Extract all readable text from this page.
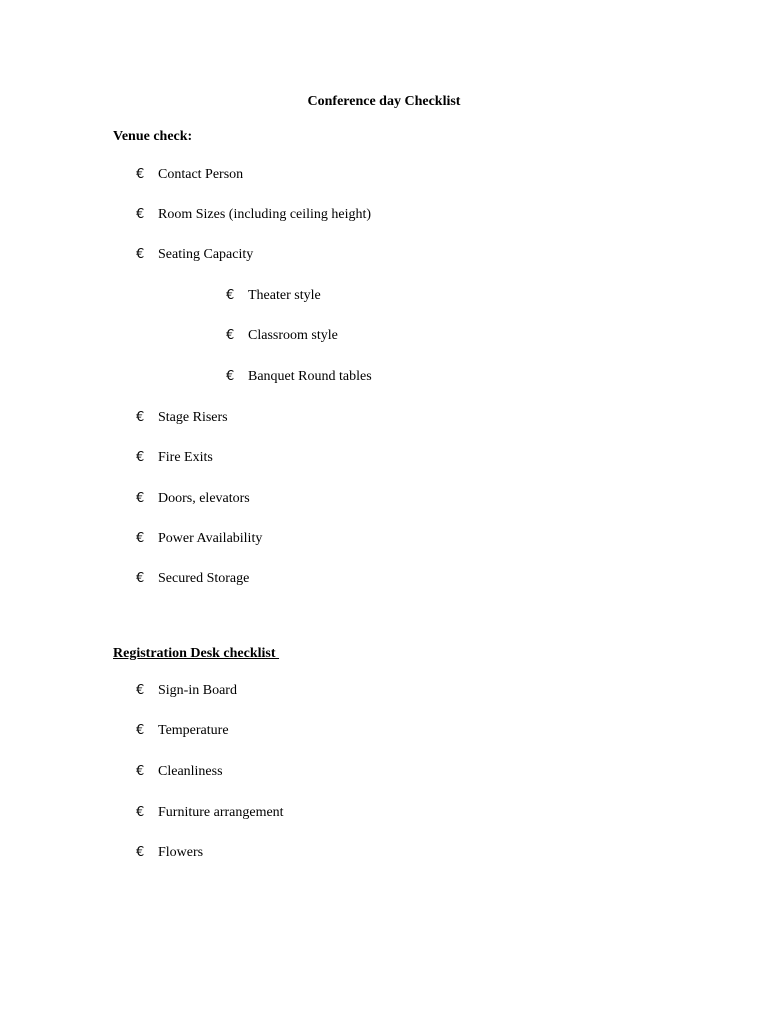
Conference day Checklist
Venue check:
€ Contact Person
€ Room Sizes (including ceiling height)
€ Seating Capacity
€ Theater style
€ Classroom style
€ Banquet Round tables
€ Stage Risers
€ Fire Exits
€ Doors, elevators
€ Power Availability
€ Secured Storage
Registration Desk checklist
€ Sign-in Board
€ Temperature
€ Cleanliness
€ Furniture arrangement
€ Flowers
